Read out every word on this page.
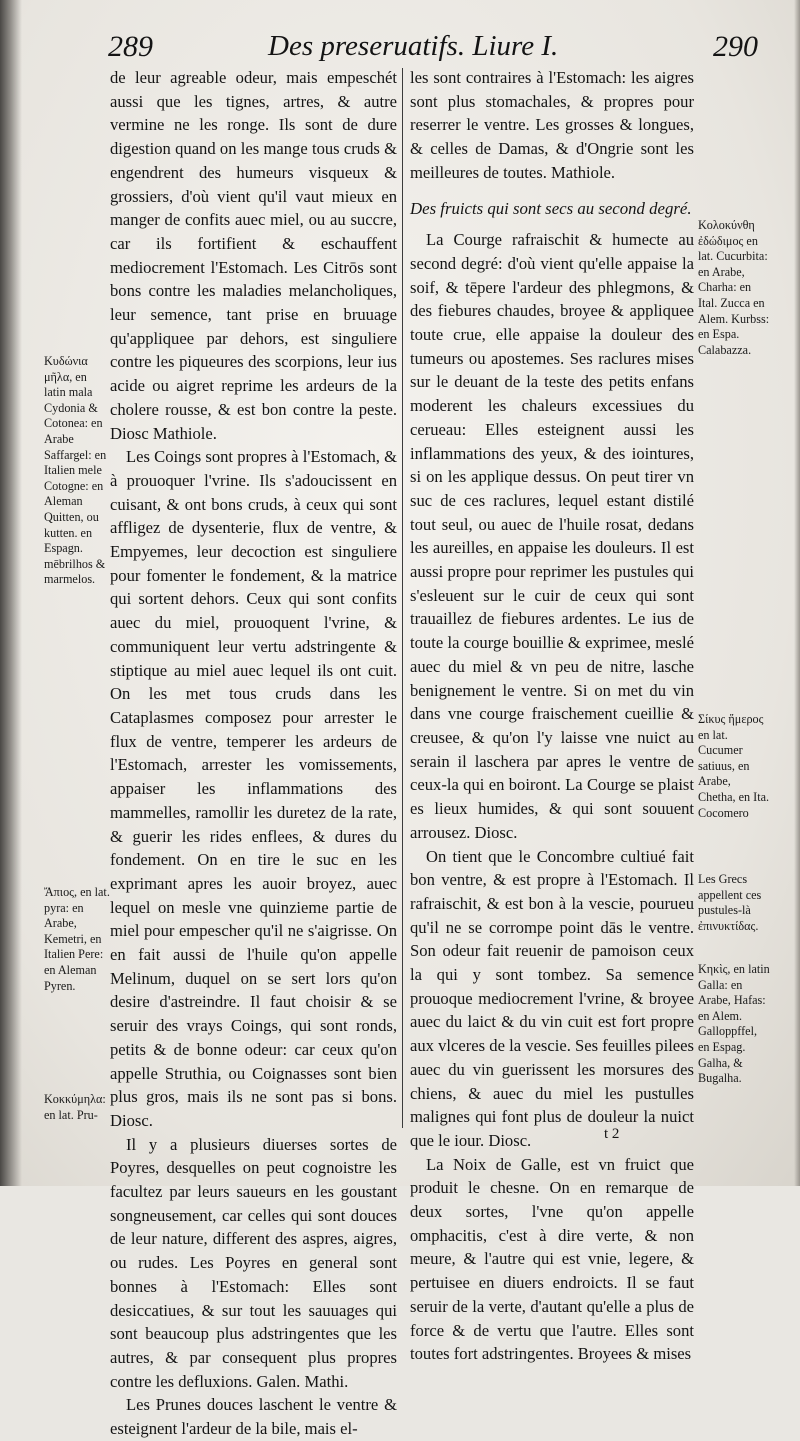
289	Des preseruatifs. Liure I.	290

de leur agreable odeur, mais empeschét aussi que les tignes, artres, & autre vermine ne les ronge. Ils sont de dure digestion quand on les mange tous cruds & engendrent des humeurs visqueux & grossiers, d'où vient qu'il vaut mieux en manger de confits auec miel, ou au succre, car ils fortifient & eschauffent mediocrement l'Estomach. Les Citrōs sont bons contre les maladies melancholiques, leur semence, tant prise en bruuage qu'appliquee par dehors, est singuliere contre les piqueures des scorpions, leur ius acide ou aigret reprime les ardeurs de la cholere rousse, & est bon contre la peste. Diosc Mathiole.

Les Coings sont propres à l'Estomach, & à prouoquer l'vrine. Ils s'adoucissent en cuisant, & ont bons cruds, à ceux qui sont affligez de dysenterie, flux de ventre, & Empyemes, leur decoction est singuliere pour fomenter le fondement, & la matrice qui sortent dehors. Ceux qui sont confits auec du miel, prouoquent l'vrine, & communiquent leur vertu adstringente & stiptique au miel auec lequel ils ont cuit. On les met tous cruds dans les Cataplasmes composez pour arrester le flux de ventre, temperer les ardeurs de l'Estomach, arrester les vomissements, appaiser les inflammations des mammelles, ramollir les duretez de la rate, & guerir les rides enflees, & dures du fondement. On en tire le suc en les exprimant apres les auoir broyez, auec lequel on mesle vne quinzieme partie de miel pour empescher qu'il ne s'aigrisse. On en fait aussi de l'huile qu'on appelle Melinum, duquel on se sert lors qu'on desire d'astreindre. Il faut choisir & se seruir des vrays Coings, qui sont ronds, petits & de bonne odeur: car ceux qu'on appelle Struthia, ou Coignasses sont bien plus gros, mais ils ne sont pas si bons. Diosc.

Il y a plusieurs diuerses sortes de Poyres, desquelles on peut cognoistre les facultez par leurs saueurs en les goustant songneusement, car celles qui sont douces de leur nature, different des aspres, aigres, ou rudes. Les Poyres en general sont bonnes à l'Estomach: Elles sont desiccatiues, & sur tout les sauuages qui sont beaucoup plus adstringentes que les autres, & par consequent plus propres contre les defluxions. Galen. Mathi.

Les Prunes douces laschent le ventre & esteignent l'ardeur de la bile, mais el-

les sont contraires à l'Estomach: les aigres sont plus stomachales, & propres pour reserrer le ventre. Les grosses & longues, & celles de Damas, & d'Ongrie sont les meilleures de toutes. Mathiole.

Des fruicts qui sont secs au second degré.

La Courge rafraischit & humecte au second degré: d'où vient qu'elle appaise la soif, & tēpere l'ardeur des phlegmons, & des fiebures chaudes, broyee & appliquee toute crue, elle appaise la douleur des tumeurs ou apostemes. Ses raclures mises sur le deuant de la teste des petits enfans moderent les chaleurs excessiues du cerueau: Elles esteignent aussi les inflammations des yeux, & des iointures, si on les applique dessus. On peut tirer vn suc de ces raclures, lequel estant distilé tout seul, ou auec de l'huile rosat, dedans les aureilles, en appaise les douleurs. Il est aussi propre pour reprimer les pustules qui s'esleuent sur le cuir de ceux qui sont trauaillez de fiebures ardentes. Le ius de toute la courge bouillie & exprimee, meslé auec du miel & vn peu de nitre, lasche benignement le ventre. Si on met du vin dans vne courge fraischement cueillie & creusee, & qu'on l'y laisse vne nuict au serain il laschera par apres le ventre de ceux-la qui en boiront. La Courge se plaist es lieux humides, & qui sont souuent arrousez. Diosc.

On tient que le Concombre cultiué fait bon ventre, & est propre à l'Estomach. Il rafraischit, & est bon à la vescie, pourueu qu'il ne se corrompe point dās le ventre. Son odeur fait reuenir de pamoison ceux la qui y sont tombez. Sa semence prouoque mediocrement l'vrine, & broyee auec du laict & du vin cuit est fort propre aux vlceres de la vescie. Ses feuilles pilees auec du vin guerissent les morsures des chiens, & auec du miel les pustulles malignes qui font plus de douleur la nuict que le iour. Diosc.

La Noix de Galle, est vn fruict que produit le chesne. On en remarque de deux sortes, l'vne qu'on appelle omphacitis, c'est à dire verte, & non meure, & l'autre qui est vnie, legere, & pertuisee en diuers endroicts. Il se faut seruir de la verte, d'autant qu'elle a plus de force & de vertu que l'autre. Elles sont toutes fort adstringentes. Broyees & mises

Κυδώνια μῆλα, en latin mala Cydonia & Cotonea: en Arabe Saffargel: en Italien mele Cotogne: en Aleman Quitten, ou kutten. en Espagn. mēbrilhos & marmelos.
Ἄπιος, en lat. pyra: en Arabe, Kemetri, en Italien Pere: en Aleman Pyren.
Κοκκύμηλα: en lat. Pru-
Κολοκύνθη ἐδώδιμος en lat. Cucurbita: en Arabe, Charha: en Ital. Zucca en Alem. Kurbss: en Espa. Calabazza.
Σίκυς ἥμερος en lat. Cucumer satiuus, en Arabe, Chetha, en Ita. Cocomero
Les Grecs appellent ces pustules-là ἐπινυκτίδας.
Κηκὶς, en latin Galla: en Arabe, Hafas: en Alem. Galloppffel, en Espag. Galha, & Bugalha.
t 2
